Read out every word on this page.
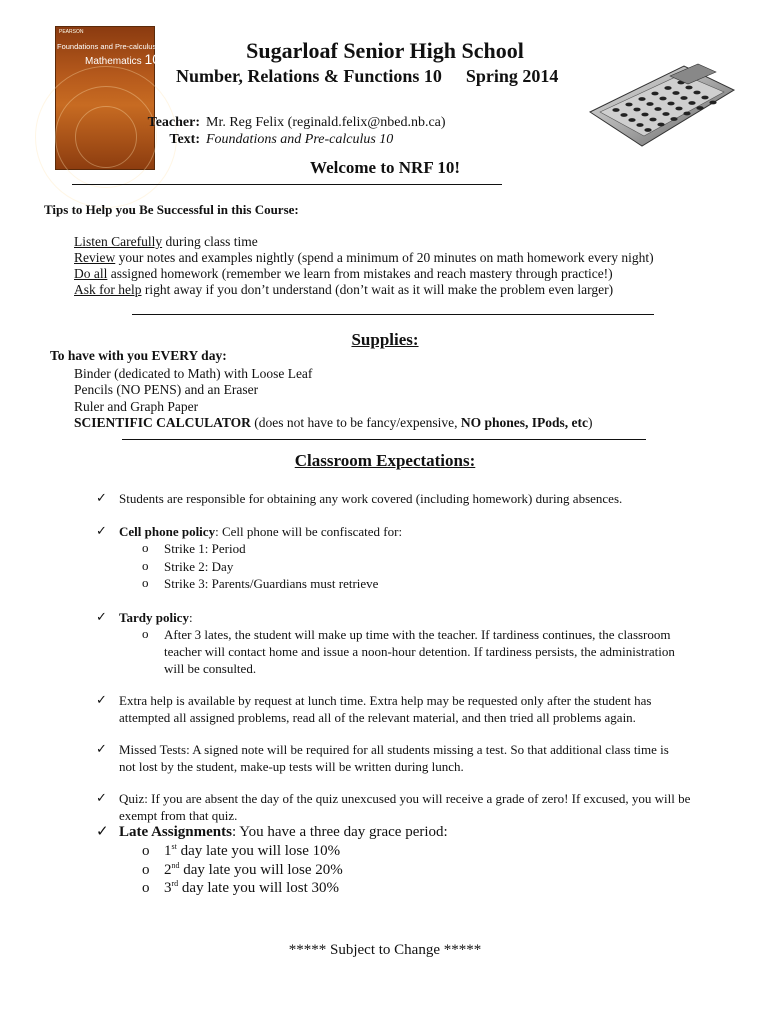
PEARSON
Foundations and Pre-calculus
Mathematics 10	Sugarloaf Senior High School
Number, Relations & Functions 10 Spring 2014
Teacher: Mr. Reg Felix (reginald.felix@nbed.nb.ca)
Text: Foundations and Pre-calculus 10
Welcome to NRF 10!
Tips to Help you Be Successful in this Course:
Listen Carefully during class time
Review your notes and examples nightly (spend a minimum of 20 minutes on math homework every night)
Do all assigned homework (remember we learn from mistakes and reach mastery through practice!)
Ask for help right away if you don’t understand (don’t wait as it will make the problem even larger)
Supplies:
To have with you EVERY day:
Binder (dedicated to Math) with Loose Leaf
Pencils (NO PENS) and an Eraser
Ruler and Graph Paper
SCIENTIFIC CALCULATOR (does not have to be fancy/expensive, NO phones, IPods, etc)
Classroom Expectations:
✓ Students are responsible for obtaining any work covered (including homework) during absences.
✓ Cell phone policy: Cell phone will be confiscated for:
o Strike 1: Period
o Strike 2: Day
o Strike 3: Parents/Guardians must retrieve
✓ Tardy policy:
o After 3 lates, the student will make up time with the teacher. If tardiness continues, the classroom teacher will contact home and issue a noon-hour detention. If tardiness persists, the administration will be consulted.
✓ Extra help is available by request at lunch time. Extra help may be requested only after the student has attempted all assigned problems, read all of the relevant material, and then tried all problems again.
✓ Missed Tests: A signed note will be required for all students missing a test. So that additional class time is not lost by the student, make-up tests will be written during lunch.
✓ Quiz: If you are absent the day of the quiz unexcused you will receive a grade of zero! If excused, you will be exempt from that quiz.
✓ Late Assignments: You have a three day grace period:
o 1st day late you will lose 10%
o 2nd day late you will lose 20%
o 3rd day late you will lost 30%
***** Subject to Change *****
